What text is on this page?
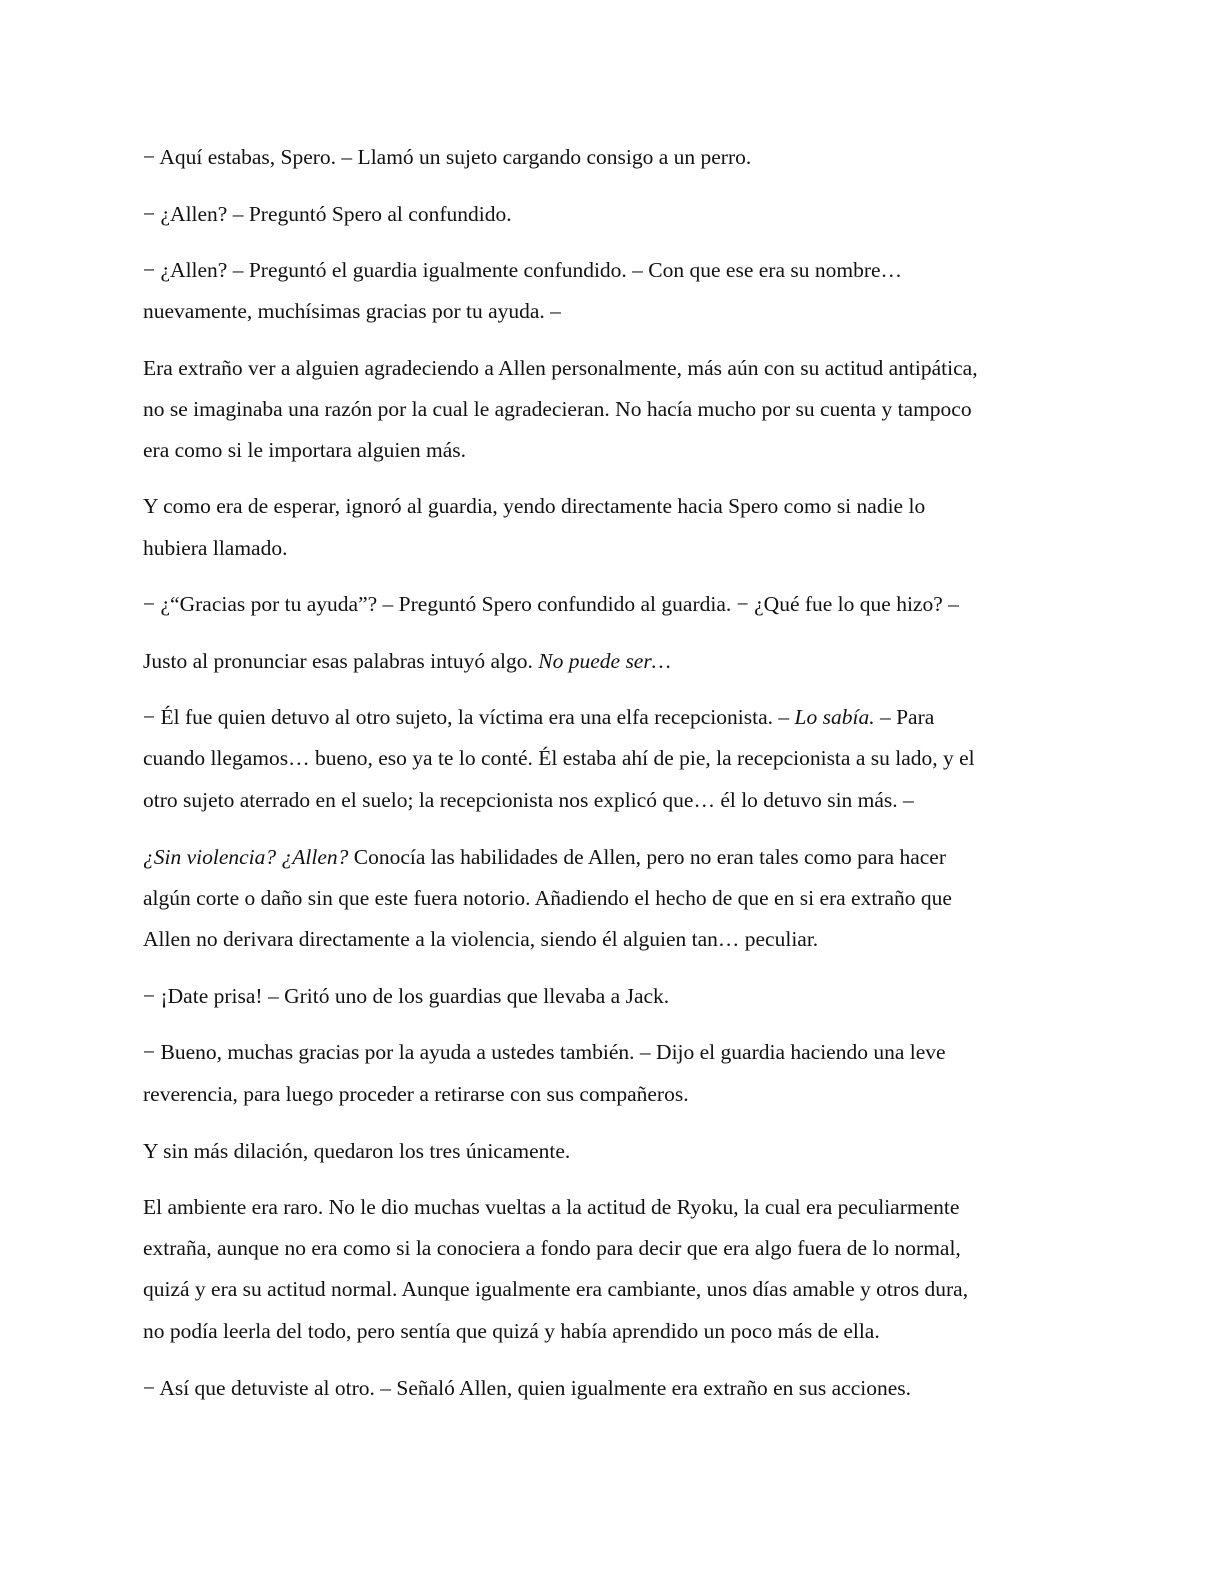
− Aquí estabas, Spero. – Llamó un sujeto cargando consigo a un perro.

− ¿Allen? – Preguntó Spero al confundido.

− ¿Allen? – Preguntó el guardia igualmente confundido. – Con que ese era su nombre…

nuevamente, muchísimas gracias por tu ayuda. –

Era extraño ver a alguien agradeciendo a Allen personalmente, más aún con su actitud antipática,

no se imaginaba una razón por la cual le agradecieran. No hacía mucho por su cuenta y tampoco

era como si le importara alguien más.

Y como era de esperar, ignoró al guardia, yendo directamente hacia Spero como si nadie lo

hubiera llamado.

− ¿“Gracias por tu ayuda”? – Preguntó Spero confundido al guardia. − ¿Qué fue lo que hizo? –

Justo al pronunciar esas palabras intuyó algo. No puede ser…

− Él fue quien detuvo al otro sujeto, la víctima era una elfa recepcionista. – Lo sabía. – Para

cuando llegamos… bueno, eso ya te lo conté. Él estaba ahí de pie, la recepcionista a su lado, y el

otro sujeto aterrado en el suelo; la recepcionista nos explicó que… él lo detuvo sin más. –

¿Sin violencia? ¿Allen? Conocía las habilidades de Allen, pero no eran tales como para hacer

algún corte o daño sin que este fuera notorio. Añadiendo el hecho de que en si era extraño que

Allen no derivara directamente a la violencia, siendo él alguien tan… peculiar.

− ¡Date prisa! – Gritó uno de los guardias que llevaba a Jack.

− Bueno, muchas gracias por la ayuda a ustedes también. – Dijo el guardia haciendo una leve

reverencia, para luego proceder a retirarse con sus compañeros.

Y sin más dilación, quedaron los tres únicamente.

El ambiente era raro. No le dio muchas vueltas a la actitud de Ryoku, la cual era peculiarmente

extraña, aunque no era como si la conociera a fondo para decir que era algo fuera de lo normal,

quizá y era su actitud normal. Aunque igualmente era cambiante, unos días amable y otros dura,

no podía leerla del todo, pero sentía que quizá y había aprendido un poco más de ella.

− Así que detuviste al otro. – Señaló Allen, quien igualmente era extraño en sus acciones.
